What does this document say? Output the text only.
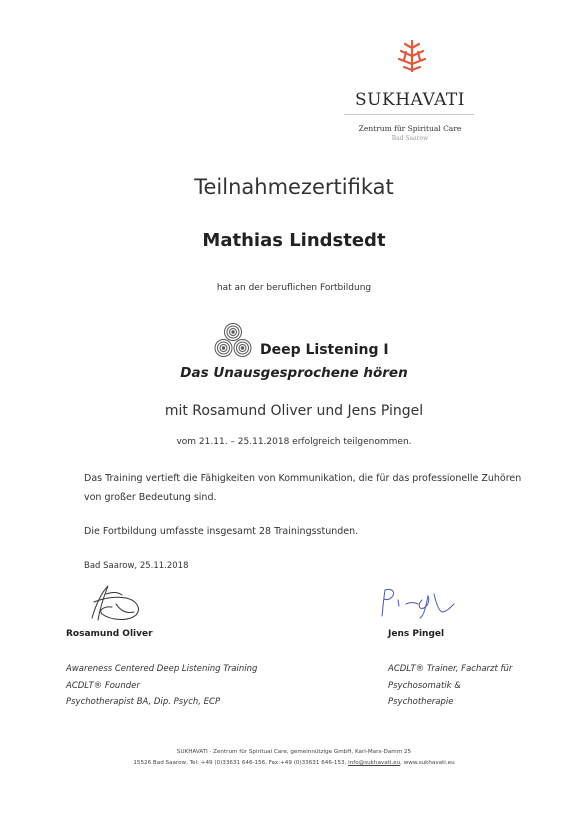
SUKHAVATI
Zentrum für Spiritual Care
Bad Saarow
Teilnahmezertifikat
Mathias Lindstedt
hat an der beruflichen Fortbildung
Deep Listening I
Das Unausgesprochene hören
mit Rosamund Oliver und Jens Pingel
vom 21.11. – 25.11.2018 erfolgreich teilgenommen.
Das Training vertieft die Fähigkeiten von Kommunikation, die für das professionelle Zuhören von großer Bedeutung sind.
Die Fortbildung umfasste insgesamt 28 Trainingsstunden.
Bad Saarow, 25.11.2018
Rosamund Oliver	Jens Pingel
Awareness Centered Deep Listening Training
ACDLT® Founder
Psychotherapist BA, Dip. Psych, ECP
ACDLT® Trainer, Facharzt für
Psychosomatik &
Psychotherapie
SUKHAVATI · Zentrum für Spiritual Care, gemeinnützige GmbH, Karl-Marx-Damm 25
15526 Bad Saarow, Tel: +49 (0)33631 646-156, Fax:+49 (0)33631 646-153, info@sukhavati.eu, www.sukhavati.eu
